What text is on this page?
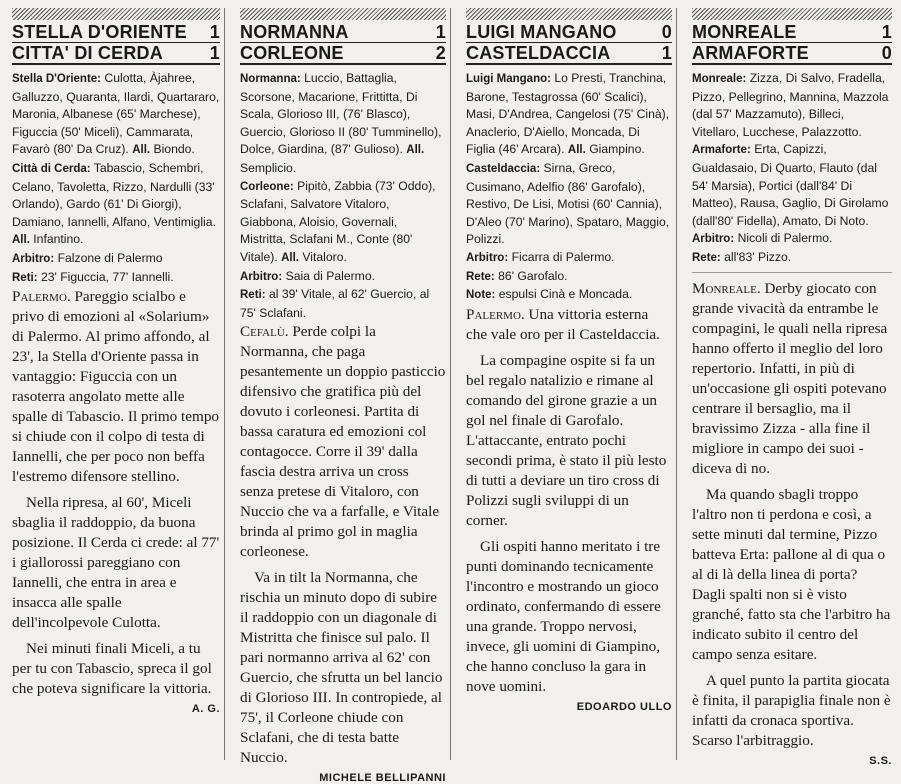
STELLA D'ORIENTE 1
CITTA' DI CERDA	1

Stella D'Oriente: Culotta, Àjahree, Galluzzo, Quaranta, Ilardi, Quartararo, Maronia, Albanese (65' Marchese), Figuccia (50' Miceli), Cammarata, Favarò (80' Da Cruz). All. Biondo.

Città di Cerda: Tabascio, Schembri, Celano, Tavoletta, Rizzo, Nardulli (33' Orlando), Gardo (61' Di Giorgi), Damiano, Iannelli, Alfano, Ventimiglia. All. Infantino.

Arbitro: Falzone di Palermo

Reti: 23' Figuccia, 77' Iannelli.

Palermo. Pareggio scialbo e privo di emozioni al «Solarium» di Palermo. Al primo affondo, al 23', la Stella d'Oriente passa in vantaggio: Figuccia con un rasoterra angolato mette alle spalle di Tabascio. Il primo tempo si chiude con il colpo di testa di Iannelli, che per poco non beffa l'estremo difensore stellino.

Nella ripresa, al 60', Miceli sbaglia il raddoppio, da buona posizione. Il Cerda ci crede: al 77' i giallorossi pareggiano con Iannelli, che entra in area e insacca alle spalle dell'incolpevole Culotta.

Nei minuti finali Miceli, a tu per tu con Tabascio, spreca il gol che poteva significare la vittoria.

A. G.
NORMANNA	1
CORLEONE	2

Normanna: Luccio, Battaglia, Scorsone, Macarione, Frittitta, Di Scala, Glorioso III, (76' Blasco), Guercio, Glorioso II (80' Tumminello), Dolce, Giardina, (87' Gulioso). All. Semplicio.

Corleone: Pipitò, Zabbia (73' Oddo), Sclafani, Salvatore Vitaloro, Giabbona, Aloisio, Governali, Mistritta, Sclafani M., Conte (80' Vitale). All. Vitaloro.

Arbitro: Saia di Palermo.

Reti: al 39' Vitale, al 62' Guercio, al 75' Sclafani.

Cefalù. Perde colpi la Normanna, che paga pesantemente un doppio pasticcio difensivo che gratifica più del dovuto i corleonesi. Partita di bassa caratura ed emozioni col contagocce. Corre il 39' dalla fascia destra arriva un cross senza pretese di Vitaloro, con Nuccio che va a farfalle, e Vitale brinda al primo gol in maglia corleonese.

Va in tilt la Normanna, che rischia un minuto dopo di subire il raddoppio con un diagonale di Mistritta che finisce sul palo. Il pari normanno arriva al 62' con Guercio, che sfrutta un bel lancio di Glorioso III. In contropiede, al 75', il Corleone chiude con Sclafani, che di testa batte Nuccio.

MICHELE BELLIPANNI
LUIGI MANGANO	0
CASTELDACCIA	1

Luigi Mangano: Lo Presti, Tranchina, Barone, Testagrossa (60' Scalici), Masi, D'Andrea, Cangelosi (75' Cinà), Anaclerio, D'Aiello, Moncada, Di Figlia (46' Arcara). All. Giampino.

Casteldaccia: Sirna, Greco, Cusimano, Adelfio (86' Garofalo), Restivo, De Lisi, Motisi (60' Cannia), D'Aleo (70' Marino), Spataro, Maggio, Polizzi.

Arbitro: Ficarra di Palermo.

Rete: 86' Garofalo.

Note: espulsi Cinà e Moncada.

Palermo. Una vittoria esterna che vale oro per il Casteldaccia.

La compagine ospite si fa un bel regalo natalizio e rimane al comando del girone grazie a un gol nel finale di Garofalo. L'attaccante, entrato pochi secondi prima, è stato il più lesto di tutti a deviare un tiro cross di Polizzi sugli sviluppi di un corner.

Gli ospiti hanno meritato i tre punti dominando tecnicamente l'incontro e mostrando un gioco ordinato, confermando di essere una grande. Troppo nervosi, invece, gli uomini di Giampino, che hanno concluso la gara in nove uomini.

EDOARDO ULLO
MONREALE	1
ARMAFORTE	0

Monreale: Zizza, Di Salvo, Fradella, Pizzo, Pellegrino, Mannina, Mazzola (dal 57' Mazzamuto), Billeci, Vitellaro, Lucchese, Palazzotto.

Armaforte: Erta, Capizzi, Gualdasaio, Di Quarto, Flauto (dal 54' Marsia), Portici (dall'84' Di Matteo), Rausa, Gaglio, Di Girolamo (dall'80' Fidella), Amato, Di Noto.

Arbitro: Nicoli di Palermo.

Rete: all'83' Pizzo.

Monreale. Derby giocato con grande vivacità da entrambe le compagini, le quali nella ripresa hanno offerto il meglio del loro repertorio. Infatti, in più di un'occasione gli ospiti potevano centrare il bersaglio, ma il bravissimo Zizza - alla fine il migliore in campo dei suoi - diceva di no.

Ma quando sbagli troppo l'altro non ti perdona e così, a sette minuti dal termine, Pizzo batteva Erta: pallone al di qua o al di là della linea di porta? Dagli spalti non si è visto granché, fatto sta che l'arbitro ha indicato subito il centro del campo senza esitare.

A quel punto la partita giocata è finita, il parapiglia finale non è infatti da cronaca sportiva. Scarso l'arbitraggio.

S.S.
